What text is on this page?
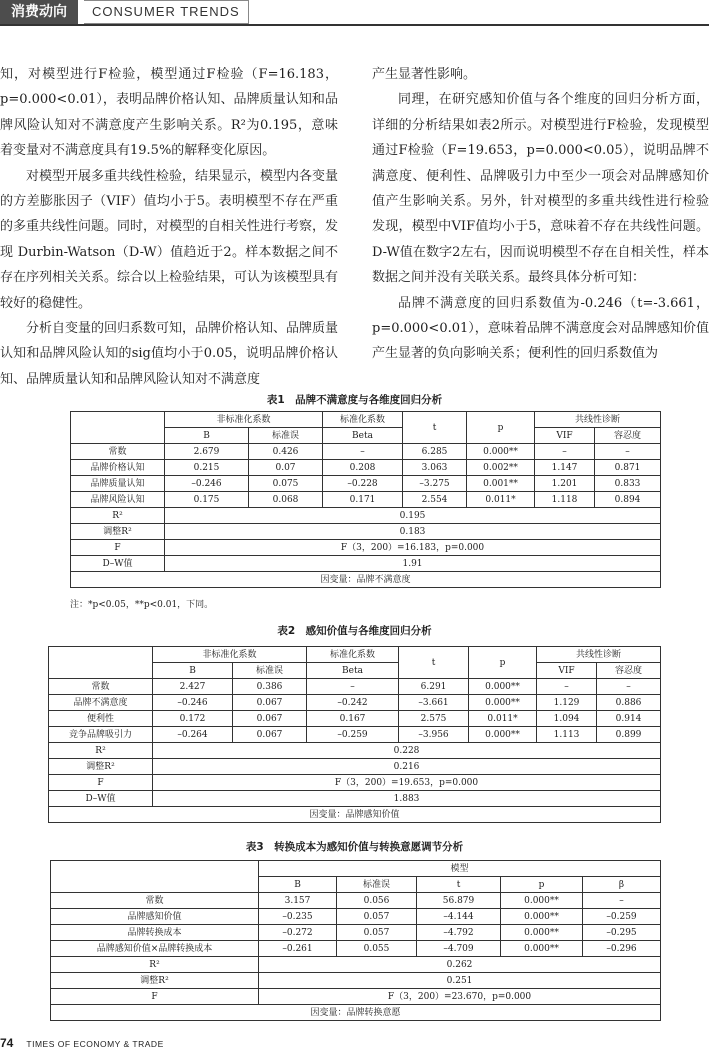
消费动向	CONSUMER TRENDS

知，对模型进行F检验，模型通过F检验（F=16.183，p=0.000<0.01），表明品牌价格认知、品牌质量认知和品牌风险认知对不满意度产生影响关系。R²为0.195，意味着变量对不满意度具有19.5%的解释变化原因。

对模型开展多重共线性检验，结果显示，模型内各变量的方差膨胀因子（VIF）值均小于5。表明模型不存在严重的多重共线性问题。同时，对模型的自相关性进行考察，发现 Durbin-Watson（D-W）值趋近于2。样本数据之间不存在序列相关关系。综合以上检验结果，可认为该模型具有较好的稳健性。

分析自变量的回归系数可知，品牌价格认知、品牌质量认知和品牌风险认知的sig值均小于0.05，说明品牌价格认知、品牌质量认知和品牌风险认知对不满意度

产生显著性影响。

同理，在研究感知价值与各个维度的回归分析方面，详细的分析结果如表2所示。对模型进行F检验，发现模型通过F检验（F=19.653，p=0.000<0.05），说明品牌不满意度、便利性、品牌吸引力中至少一项会对品牌感知价值产生影响关系。另外，针对模型的多重共线性进行检验发现，模型中VIF值均小于5，意味着不存在共线性问题。D-W值在数字2左右，因而说明模型不存在自相关性，样本数据之间并没有关联关系。最终具体分析可知：

品牌不满意度的回归系数值为-0.246（t=-3.661，p=0.000<0.01），意味着品牌不满意度会对品牌感知价值产生显著的负向影响关系；便利性的回归系数值为

表1　品牌不满意度与各维度回归分析
	非标准化系数		标准化系数	t	p	共线性诊断	
	B	标准误	Beta			VIF	容忍度
常数	2.679	0.426	–	6.285	0.000**	–	–
品牌价格认知	0.215	0.07	0.208	3.063	0.002**	1.147	0.871
品牌质量认知	–0.246	0.075	–0.228	–3.275	0.001**	1.201	0.833
品牌风险认知	0.175	0.068	0.171	2.554	0.011*	1.118	0.894
R²	0.195						
调整R²	0.183						
F	F（3，200）=16.183，p=0.000						
D–W值	1.91						
因变量：品牌不满意度							
注：*p<0.05，**p<0.01，下同。
表2　感知价值与各维度回归分析
	非标准化系数		标准化系数	t	p	共线性诊断	
	B	标准误	Beta			VIF	容忍度
常数	2.427	0.386	–	6.291	0.000**	–	–
品牌不满意度	–0.246	0.067	–0.242	–3.661	0.000**	1.129	0.886
便利性	0.172	0.067	0.167	2.575	0.011*	1.094	0.914
竞争品牌吸引力	–0.264	0.067	–0.259	–3.956	0.000**	1.113	0.899
R²	0.228						
调整R²	0.216						
F	F（3，200）=19.653，p=0.000						
D–W值	1.883						
因变量：品牌感知价值							
表3　转换成本为感知价值与转换意愿调节分析
	模型				
	B	标准误	t	p	β
常数	3.157	0.056	56.879	0.000**	–
品牌感知价值	–0.235	0.057	–4.144	0.000**	–0.259
品牌转换成本	–0.272	0.057	–4.792	0.000**	–0.295
品牌感知价值×品牌转换成本	–0.261	0.055	–4.709	0.000**	–0.296
R²	0.262				
调整R²	0.251				
F	F（3，200）=23.670，p=0.000				
因变量：品牌转换意愿					
74 TIMES OF ECONOMY & TRADE
